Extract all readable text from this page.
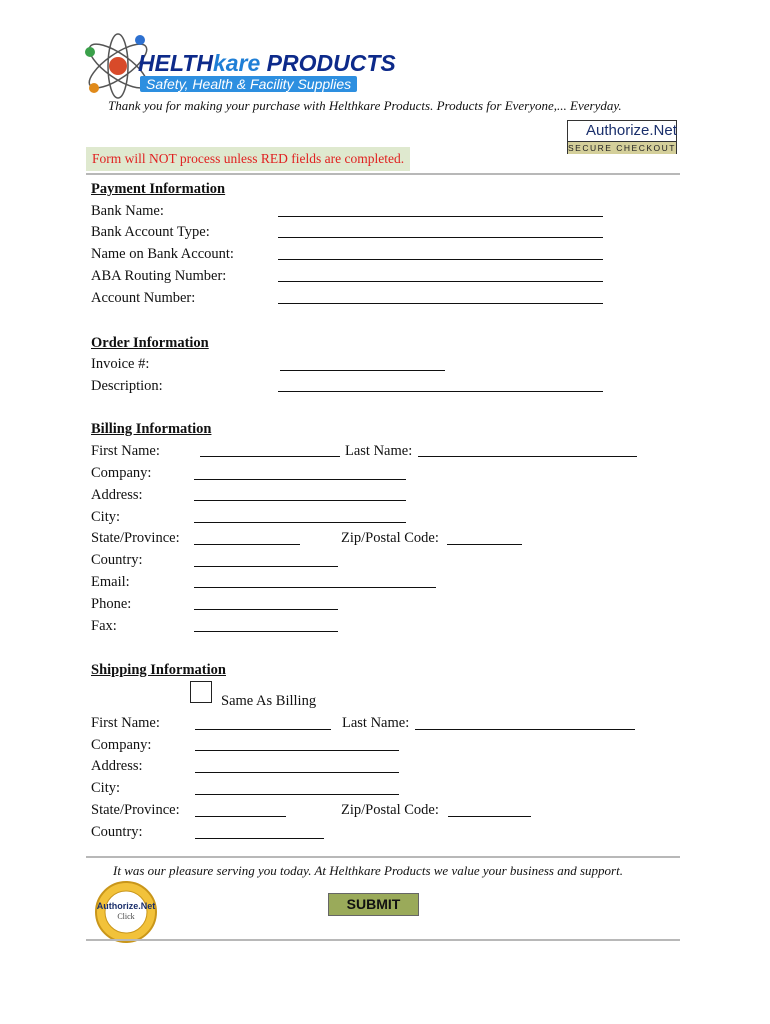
HELTHkare PRODUCTS
Safety, Health & Facility Supplies
Thank you for making your purchase with Helthkare Products. Products for Everyone,... Everyday.
Authorize.Net
SECURE CHECKOUT
Form will NOT process unless RED fields are completed.
Payment Information
Bank Name:
Bank Account Type:
Name on Bank Account:
ABA Routing Number:
Account Number:
Order Information
Invoice #:
Description:
Billing Information
First Name:	Last Name:
Company:
Address:
City:
State/Province:	Zip/Postal Code:
Country:
Email:
Phone:
Fax:
Shipping Information
Same As Billing
First Name:	Last Name:
Company:
Address:
City:
State/Province:	Zip/Postal Code:
Country:
It was our pleasure serving you today. At Helthkare Products we value your business and support.
Authorize.Net
Click
SUBMIT
